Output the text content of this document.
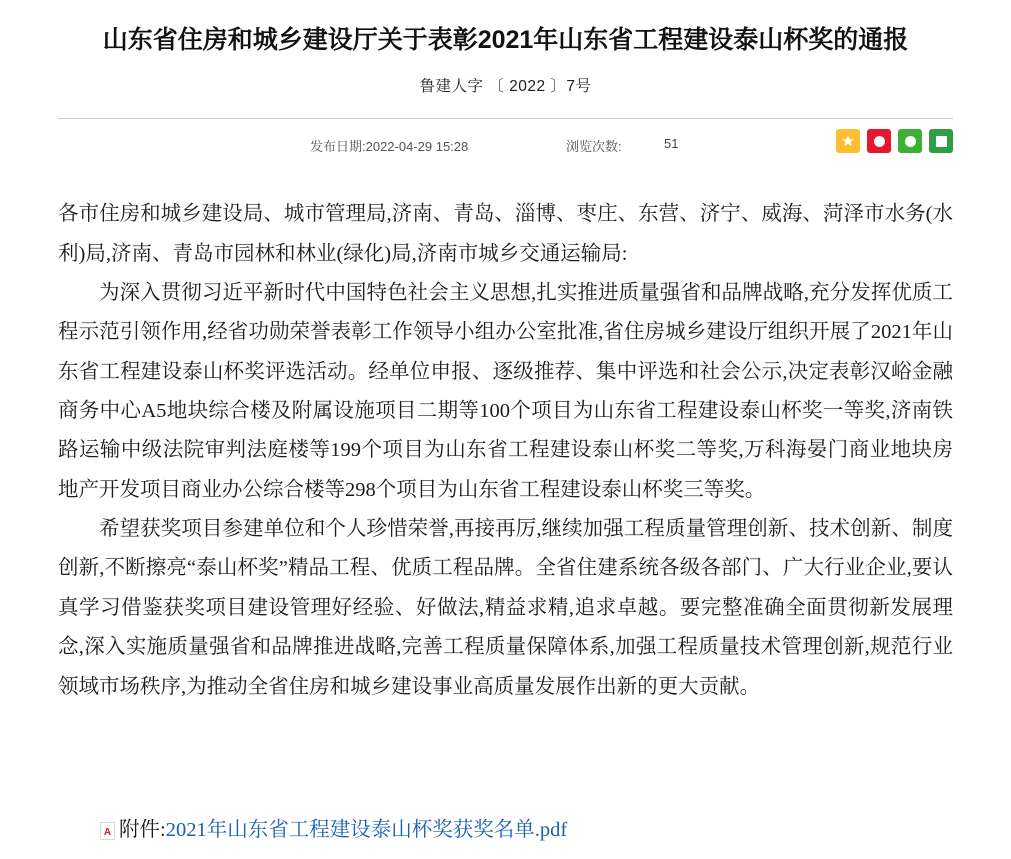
山东省住房和城乡建设厅关于表彰2021年山东省工程建设泰山杯奖的通报
鲁建人字 〔 2022 〕7号
发布日期:2022-04-29 15:28	浏览次数:	51	★

各市住房和城乡建设局、城市管理局,济南、青岛、淄博、枣庄、东营、济宁、威海、菏泽市水务(水利)局,济南、青岛市园林和林业(绿化)局,济南市城乡交通运输局:

为深入贯彻习近平新时代中国特色社会主义思想,扎实推进质量强省和品牌战略,充分发挥优质工程示范引领作用,经省功勋荣誉表彰工作领导小组办公室批准,省住房城乡建设厅组织开展了2021年山东省工程建设泰山杯奖评选活动。经单位申报、逐级推荐、集中评选和社会公示,决定表彰汉峪金融商务中心A5地块综合楼及附属设施项目二期等100个项目为山东省工程建设泰山杯奖一等奖,济南铁路运输中级法院审判法庭楼等199个项目为山东省工程建设泰山杯奖二等奖,万科海晏门商业地块房地产开发项目商业办公综合楼等298个项目为山东省工程建设泰山杯奖三等奖。

希望获奖项目参建单位和个人珍惜荣誉,再接再厉,继续加强工程质量管理创新、技术创新、制度创新,不断擦亮“泰山杯奖”精品工程、优质工程品牌。全省住建系统各级各部门、广大行业企业,要认真学习借鉴获奖项目建设管理好经验、好做法,精益求精,追求卓越。要完整准确全面贯彻新发展理念,深入实施质量强省和品牌推进战略,完善工程质量保障体系,加强工程质量技术管理创新,规范行业领域市场秩序,为推动全省住房和城乡建设事业高质量发展作出新的更大贡献。

A
附件: 2021年山东省工程建设泰山杯奖获奖名单.pdf
